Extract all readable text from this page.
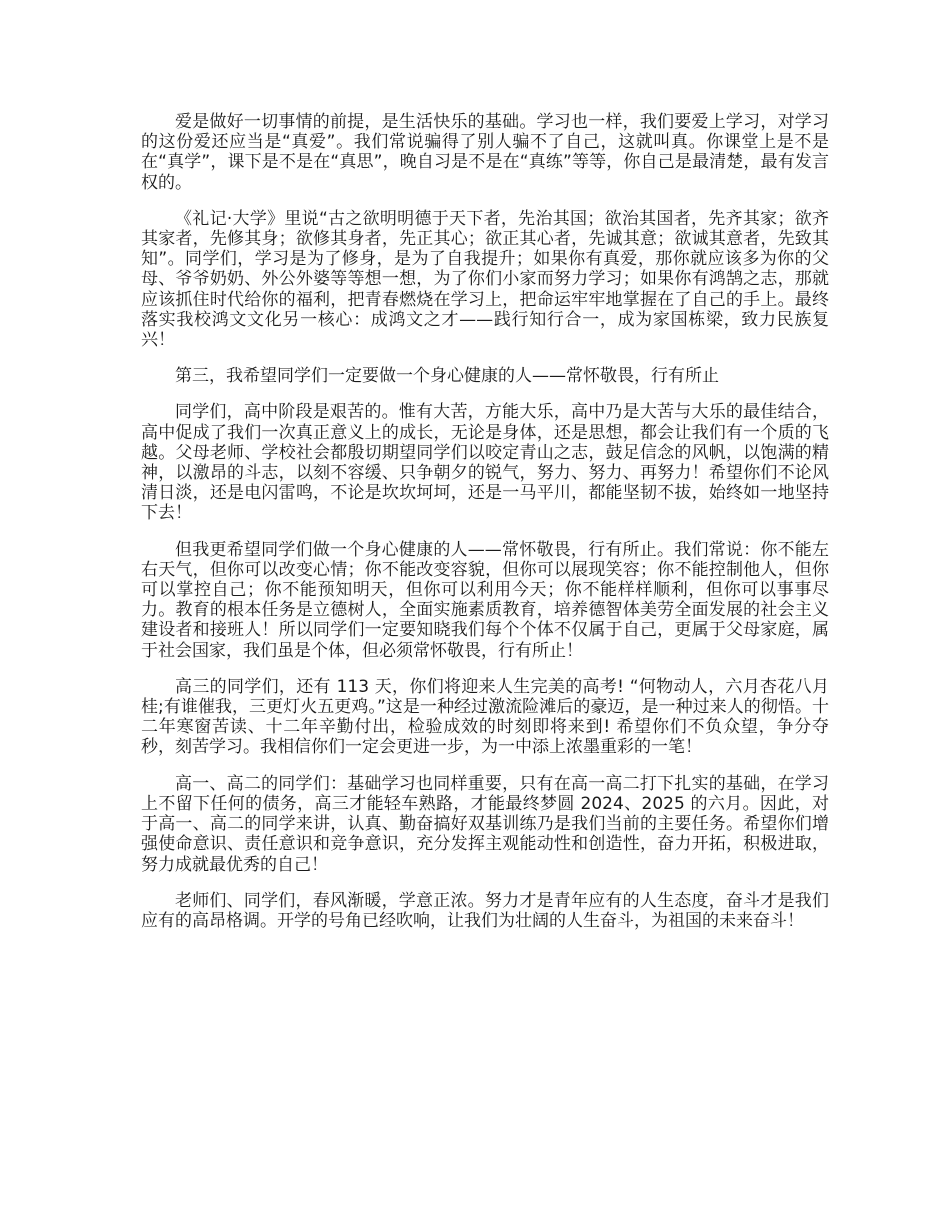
爱是做好一切事情的前提，是生活快乐的基础。学习也一样，我们要爱上学习，对学习的这份爱还应当是“真爱”。我们常说骗得了别人骗不了自己，这就叫真。你课堂上是不是在“真学”，课下是不是在“真思”，晚自习是不是在“真练”等等，你自己是最清楚，最有发言权的。

《礼记·大学》里说“古之欲明明德于天下者，先治其国；欲治其国者，先齐其家；欲齐其家者，先修其身；欲修其身者，先正其心；欲正其心者，先诚其意；欲诚其意者，先致其知”。同学们，学习是为了修身，是为了自我提升；如果你有真爱，那你就应该多为你的父母、爷爷奶奶、外公外婆等等想一想，为了你们小家而努力学习；如果你有鸿鹄之志，那就应该抓住时代给你的福利，把青春燃烧在学习上，把命运牢牢地掌握在了自己的手上。最终落实我校鸿文文化另一核心：成鸿文之才——践行知行合一，成为家国栋梁，致力民族复兴！

第三，我希望同学们一定要做一个身心健康的人——常怀敬畏，行有所止

同学们，高中阶段是艰苦的。惟有大苦，方能大乐，高中乃是大苦与大乐的最佳结合，高中促成了我们一次真正意义上的成长，无论是身体，还是思想，都会让我们有一个质的飞越。父母老师、学校社会都殷切期望同学们以咬定青山之志，鼓足信念的风帆，以饱满的精神，以激昂的斗志，以刻不容缓、只争朝夕的锐气，努力、努力、再努力！希望你们不论风清日淡，还是电闪雷鸣，不论是坎坎坷坷，还是一马平川，都能坚韧不拔，始终如一地坚持下去！

但我更希望同学们做一个身心健康的人——常怀敬畏，行有所止。我们常说：你不能左右天气，但你可以改变心情；你不能改变容貌，但你可以展现笑容；你不能控制他人，但你可以掌控自己；你不能预知明天，但你可以利用今天；你不能样样顺利，但你可以事事尽力。教育的根本任务是立德树人，全面实施素质教育，培养德智体美劳全面发展的社会主义建设者和接班人！所以同学们一定要知晓我们每个个体不仅属于自己，更属于父母家庭，属于社会国家，我们虽是个体，但必须常怀敬畏，行有所止！

高三的同学们，还有 113 天，你们将迎来人生完美的高考! “何物动人，六月杏花八月桂;有谁催我，三更灯火五更鸡。”这是一种经过激流险滩后的豪迈，是一种过来人的彻悟。十二年寒窗苦读、十二年辛勤付出，检验成效的时刻即将来到! 希望你们不负众望，争分夺秒，刻苦学习。我相信你们一定会更进一步，为一中添上浓墨重彩的一笔！

高一、高二的同学们：基础学习也同样重要，只有在高一高二打下扎实的基础，在学习上不留下任何的债务，高三才能轻车熟路，才能最终梦圆 2024、2025 的六月。因此，对于高一、高二的同学来讲，认真、勤奋搞好双基训练乃是我们当前的主要任务。希望你们增强使命意识、责任意识和竞争意识，充分发挥主观能动性和创造性，奋力开拓，积极进取，努力成就最优秀的自己！

老师们、同学们，春风渐暖，学意正浓。努力才是青年应有的人生态度，奋斗才是我们应有的高昂格调。开学的号角已经吹响，让我们为壮阔的人生奋斗，为祖国的未来奋斗！
